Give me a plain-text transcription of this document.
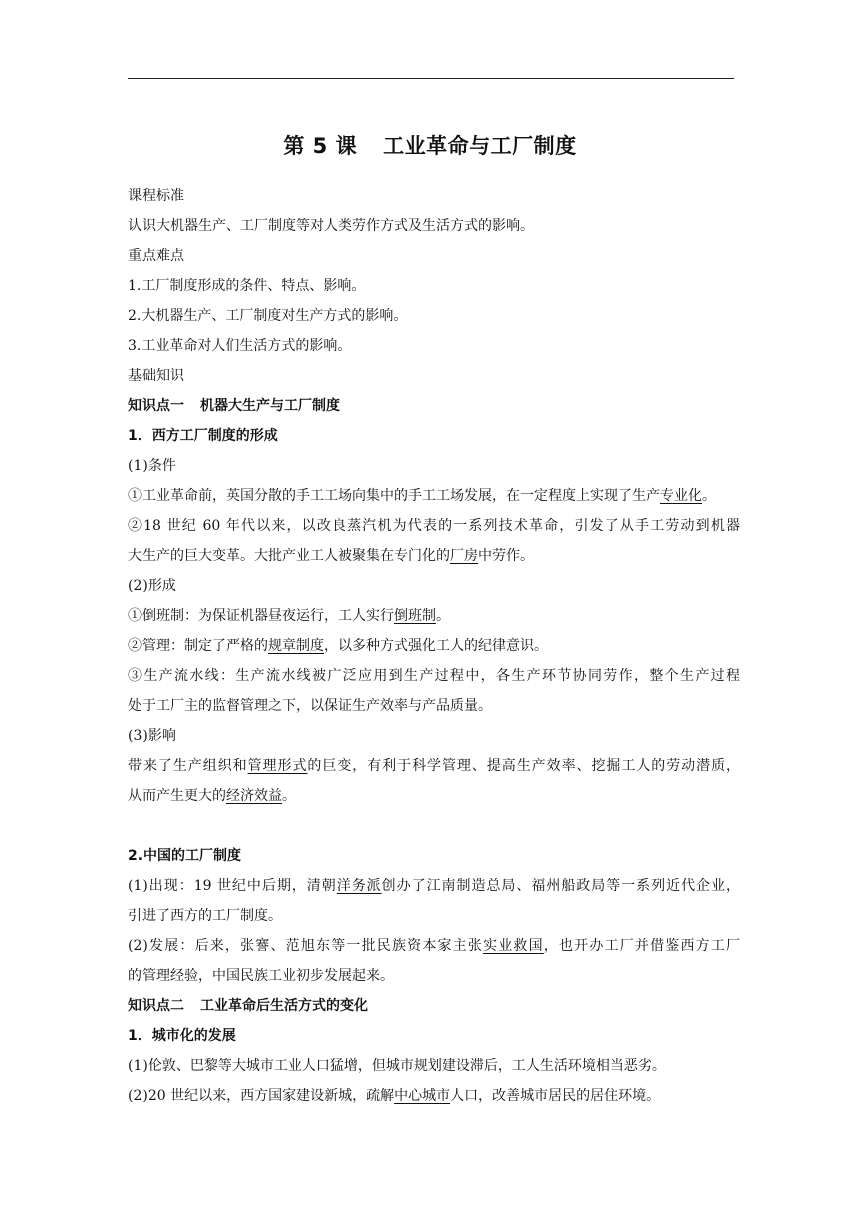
第 5 课 工业革命与工厂制度
课程标准
认识大机器生产、工厂制度等对人类劳作方式及生活方式的影响。
重点难点
1.工厂制度形成的条件、特点、影响。
2.大机器生产、工厂制度对生产方式的影响。
3.工业革命对人们生活方式的影响。
基础知识
知识点一 机器大生产与工厂制度
1．西方工厂制度的形成
(1)条件
①工业革命前，英国分散的手工工场向集中的手工工场发展，在一定程度上实现了生产专业化。
②18 世纪 60 年代以来，以改良蒸汽机为代表的一系列技术革命，引发了从手工劳动到机器
大生产的巨大变革。大批产业工人被聚集在专门化的厂房中劳作。
(2)形成
①倒班制：为保证机器昼夜运行，工人实行倒班制。
②管理：制定了严格的规章制度，以多种方式强化工人的纪律意识。
③生产流水线：生产流水线被广泛应用到生产过程中，各生产环节协同劳作，整个生产过程
处于工厂主的监督管理之下，以保证生产效率与产品质量。
(3)影响
带来了生产组织和管理形式的巨变，有利于科学管理、提高生产效率、挖掘工人的劳动潜质，
从而产生更大的经济效益。
2.中国的工厂制度
(1)出现：19 世纪中后期，清朝洋务派创办了江南制造总局、福州船政局等一系列近代企业，
引进了西方的工厂制度。
(2)发展：后来，张謇、范旭东等一批民族资本家主张实业救国，也开办工厂并借鉴西方工厂
的管理经验，中国民族工业初步发展起来。
知识点二 工业革命后生活方式的变化
1．城市化的发展
(1)伦敦、巴黎等大城市工业人口猛增，但城市规划建设滞后，工人生活环境相当恶劣。
(2)20 世纪以来，西方国家建设新城，疏解中心城市人口，改善城市居民的居住环境。
